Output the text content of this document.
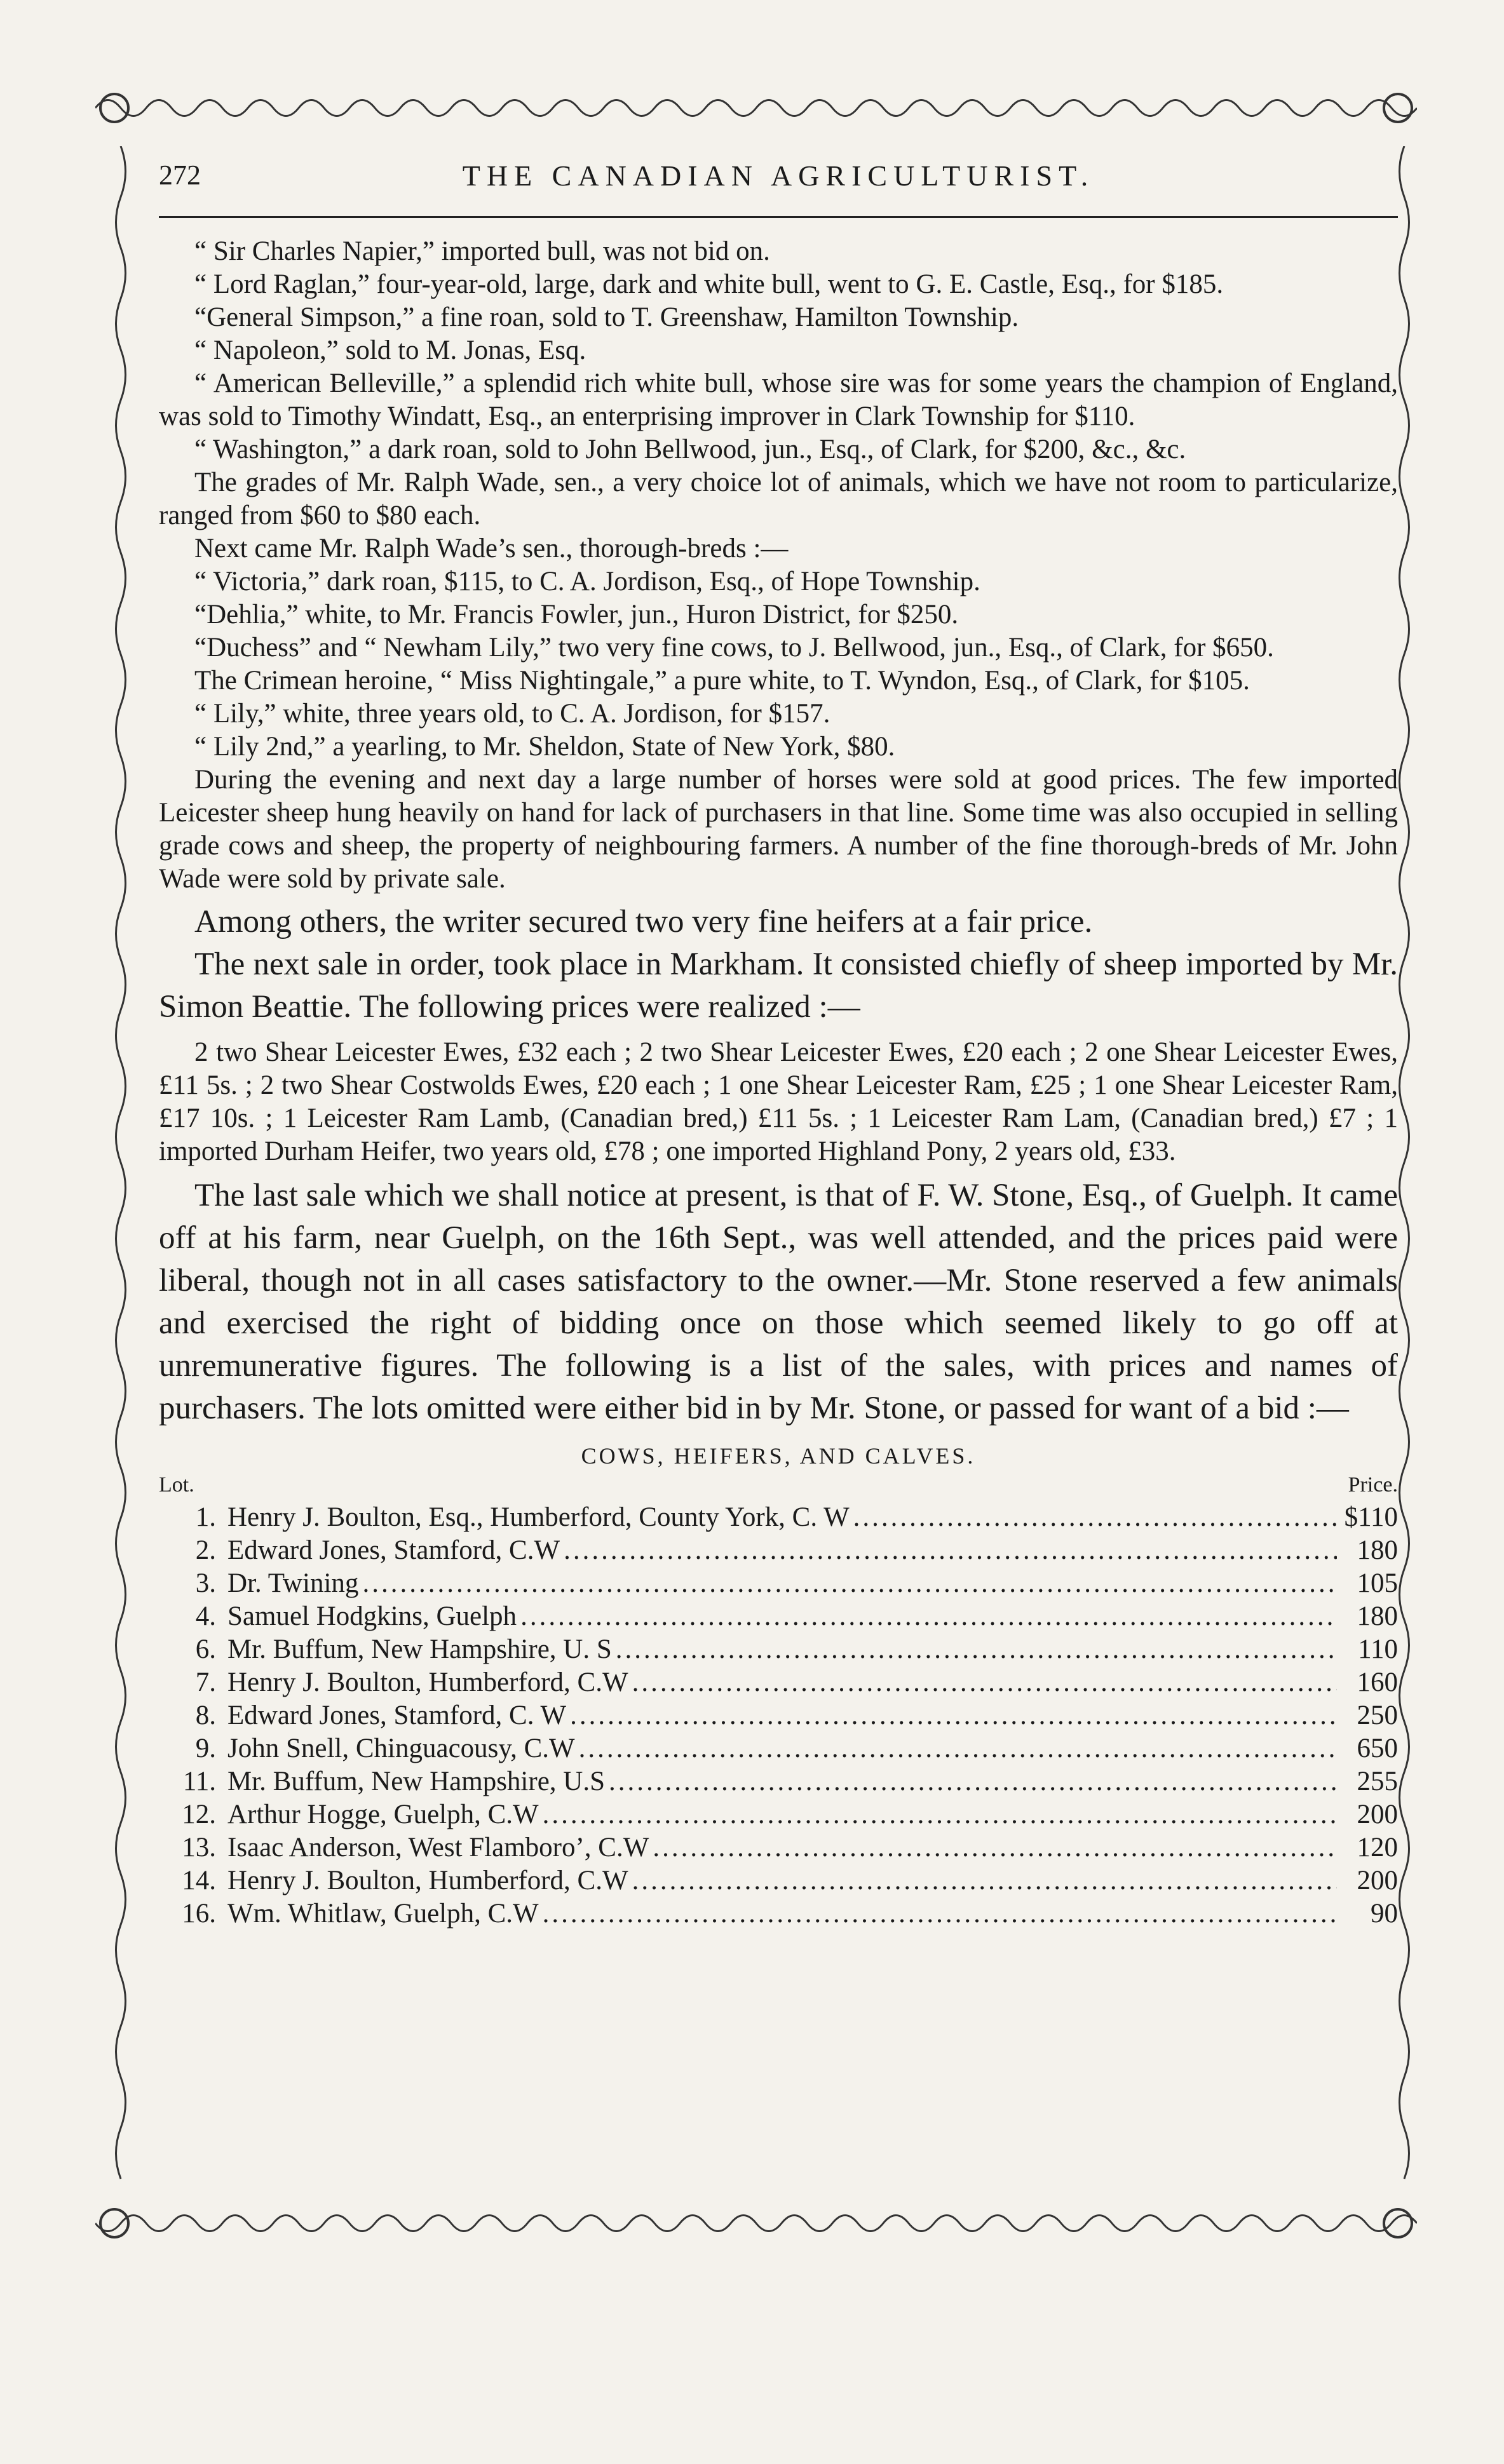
272	THE CANADIAN AGRICULTURIST.

“ Sir Charles Napier,” imported bull, was not bid on.

“ Lord Raglan,” four-year-old, large, dark and white bull, went to G. E. Castle, Esq., for $185.

“General Simpson,” a fine roan, sold to T. Greenshaw, Hamilton Township.

“ Napoleon,” sold to M. Jonas, Esq.

“ American Belleville,” a splendid rich white bull, whose sire was for some years the champion of England, was sold to Timothy Windatt, Esq., an enterprising improver in Clark Township for $110.

“ Washington,” a dark roan, sold to John Bellwood, jun., Esq., of Clark, for $200, &c., &c.

The grades of Mr. Ralph Wade, sen., a very choice lot of animals, which we have not room to particularize, ranged from $60 to $80 each.

Next came Mr. Ralph Wade’s sen., thorough-breds :—

“ Victoria,” dark roan, $115, to C. A. Jordison, Esq., of Hope Township.

“Dehlia,” white, to Mr. Francis Fowler, jun., Huron District, for $250.

“Duchess” and “ Newham Lily,” two very fine cows, to J. Bellwood, jun., Esq., of Clark, for $650.

The Crimean heroine, “ Miss Nightingale,” a pure white, to T. Wyndon, Esq., of Clark, for $105.

“ Lily,” white, three years old, to C. A. Jordison, for $157.

“ Lily 2nd,” a yearling, to Mr. Sheldon, State of New York, $80.

During the evening and next day a large number of horses were sold at good prices. The few imported Leicester sheep hung heavily on hand for lack of purchasers in that line. Some time was also occupied in selling grade cows and sheep, the property of neighbouring farmers. A number of the fine thorough-breds of Mr. John Wade were sold by private sale.

Among others, the writer secured two very fine heifers at a fair price.

The next sale in order, took place in Markham. It consisted chiefly of sheep imported by Mr. Simon Beattie. The following prices were realized :—

2 two Shear Leicester Ewes, £32 each ; 2 two Shear Leicester Ewes, £20 each ; 2 one Shear Leicester Ewes, £11 5s. ; 2 two Shear Costwolds Ewes, £20 each ; 1 one Shear Leicester Ram, £25 ; 1 one Shear Leicester Ram, £17 10s. ; 1 Leicester Ram Lamb, (Canadian bred,) £11 5s. ; 1 Leicester Ram Lam, (Canadian bred,) £7 ; 1 imported Durham Heifer, two years old, £78 ; one imported Highland Pony, 2 years old, £33.

The last sale which we shall notice at present, is that of F. W. Stone, Esq., of Guelph. It came off at his farm, near Guelph, on the 16th Sept., was well attended, and the prices paid were liberal, though not in all cases satisfactory to the owner.—Mr. Stone reserved a few animals and exercised the right of bidding once on those which seemed likely to go off at unremunerative figures. The following is a list of the sales, with prices and names of purchasers. The lots omitted were either bid in by Mr. Stone, or passed for want of a bid :—

COWS, HEIFERS, AND CALVES.
Lot.	Price.
1. Henry J. Boulton, Esq., Humberford, County York, C. W .....	$110
2. Edward Jones, Stamford, C.W .....	180
3. Dr. Twining .....	105
4. Samuel Hodgkins, Guelph .....	180
6. Mr. Buffum, New Hampshire, U. S .....	110
7. Henry J. Boulton, Humberford, C.W .....	160
8. Edward Jones, Stamford, C. W .....	250
9. John Snell, Chinguacousy, C.W .....	650
11. Mr. Buffum, New Hampshire, U.S .....	255
12. Arthur Hogge, Guelph, C.W .....	200
13. Isaac Anderson, West Flamboro’, C.W .....	120
14. Henry J. Boulton, Humberford, C.W .....	200
16. Wm. Whitlaw, Guelph, C.W .....	90
